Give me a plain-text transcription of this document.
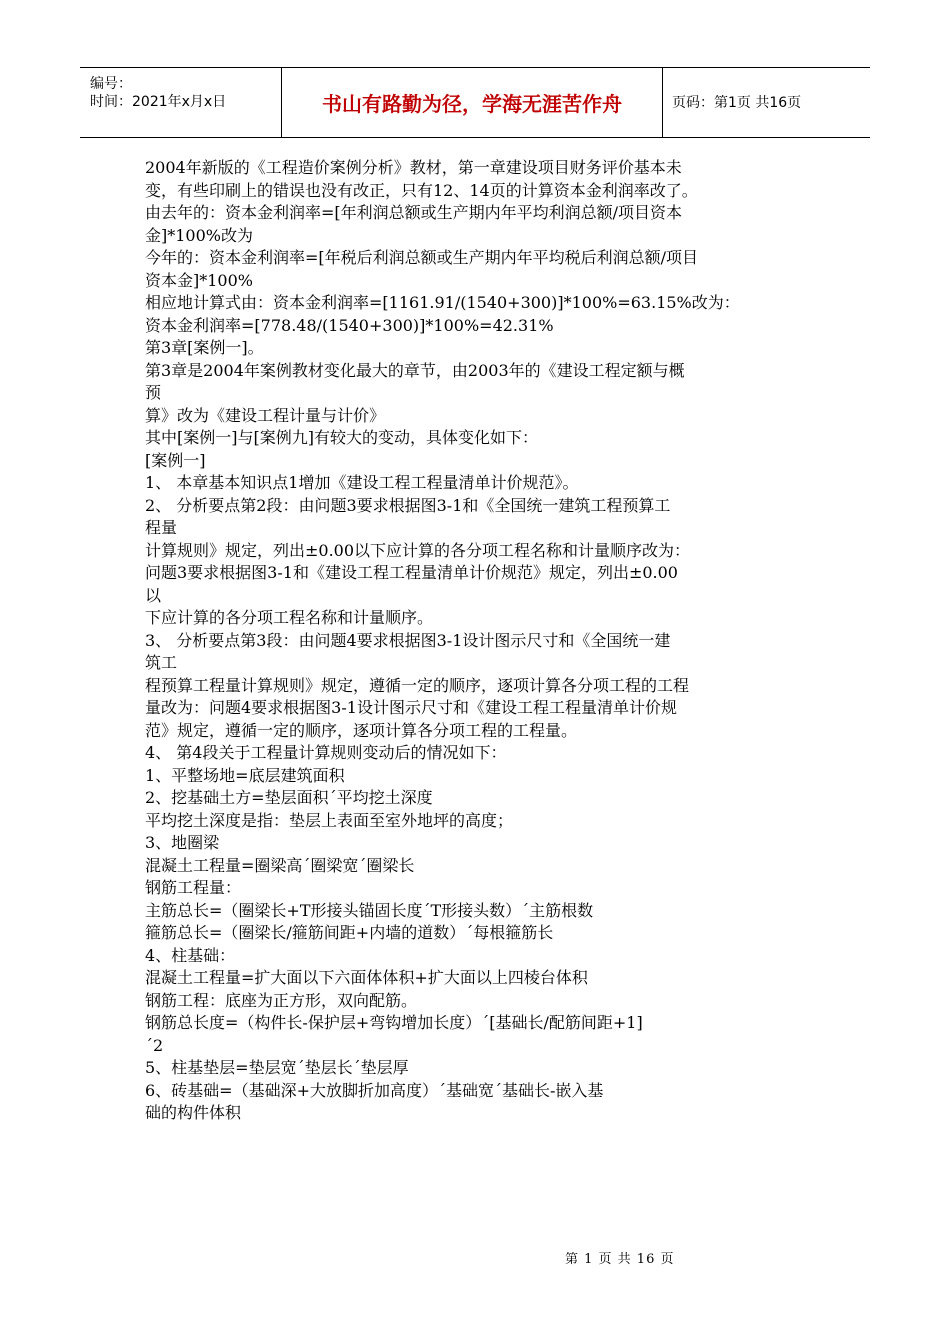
编号：
时间：2021年x月x日	书山有路勤为径，学海无涯苦作舟	页码：第1页 共16页
2004年新版的《工程造价案例分析》教材，第一章建设项目财务评价基本未
变，有些印刷上的错误也没有改正，只有12、14页的计算资本金利润率改了。
由去年的：资本金利润率=[年利润总额或生产期内年平均利润总额/项目资本
金]*100%改为
今年的：资本金利润率=[年税后利润总额或生产期内年平均税后利润总额/项目
资本金]*100%
相应地计算式由：资本金利润率=[1161.91/(1540+300)]*100%=63.15%改为：
资本金利润率=[778.48/(1540+300)]*100%=42.31%
第3章[案例一]。
第3章是2004年案例教材变化最大的章节，由2003年的《建设工程定额与概
预
算》改为《建设工程计量与计价》
其中[案例一]与[案例九]有较大的变动，具体变化如下：
[案例一]
1、 本章基本知识点1增加《建设工程工程量清单计价规范》。
2、 分析要点第2段：由问题3要求根据图3-1和《全国统一建筑工程预算工
程量
计算规则》规定，列出±0.00以下应计算的各分项工程名称和计量顺序改为：
问题3要求根据图3-1和《建设工程工程量清单计价规范》规定，列出±0.00
以
下应计算的各分项工程名称和计量顺序。
3、 分析要点第3段：由问题4要求根据图3-1设计图示尺寸和《全国统一建
筑工
程预算工程量计算规则》规定，遵循一定的顺序，逐项计算各分项工程的工程
量改为：问题4要求根据图3-1设计图示尺寸和《建设工程工程量清单计价规
范》规定，遵循一定的顺序，逐项计算各分项工程的工程量。
4、 第4段关于工程量计算规则变动后的情况如下：
1、平整场地=底层建筑面积
2、挖基础土方=垫层面积´平均挖土深度
平均挖土深度是指：垫层上表面至室外地坪的高度；
3、地圈梁
混凝土工程量=圈梁高´圈梁宽´圈梁长
钢筋工程量：
主筋总长=（圈梁长+T形接头锚固长度´T形接头数）´主筋根数
箍筋总长=（圈梁长/箍筋间距+内墙的道数）´每根箍筋长
4、柱基础：
混凝土工程量=扩大面以下六面体体积+扩大面以上四棱台体积
钢筋工程：底座为正方形，双向配筋。
钢筋总长度=（构件长-保护层+弯钩增加长度）´[基础长/配筋间距+1]
´2
5、柱基垫层=垫层宽´垫层长´垫层厚
6、砖基础=（基础深+大放脚折加高度）´基础宽´基础长-嵌入基
础的构件体积
第 1 页 共 16 页
